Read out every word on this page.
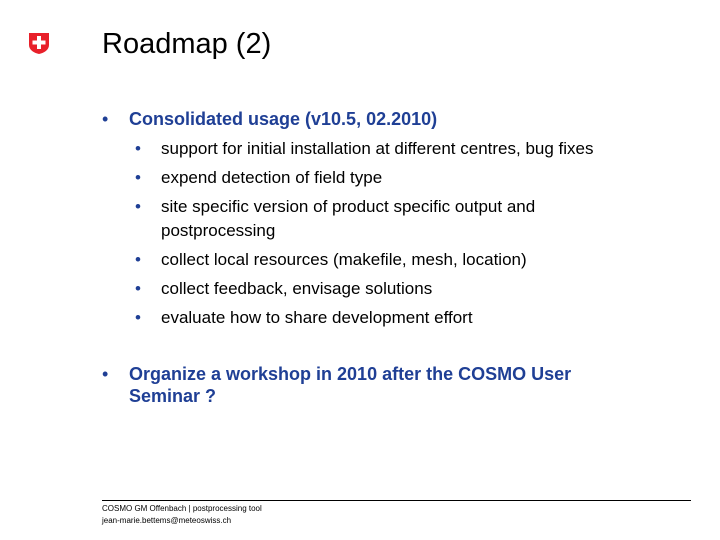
Roadmap (2)
•	Consolidated usage (v10.5, 02.2010)
• support for initial installation at different centres, bug fixes
• expend detection of field type
• site specific version of product specific output and postprocessing
• collect local resources (makefile, mesh, location)
• collect feedback, envisage solutions
• evaluate how to share development effort
•	Organize a workshop in 2010 after the COSMO User Seminar ?
COSMO GM Offenbach | postprocessing tool
jean-marie.bettems@meteoswiss.ch
